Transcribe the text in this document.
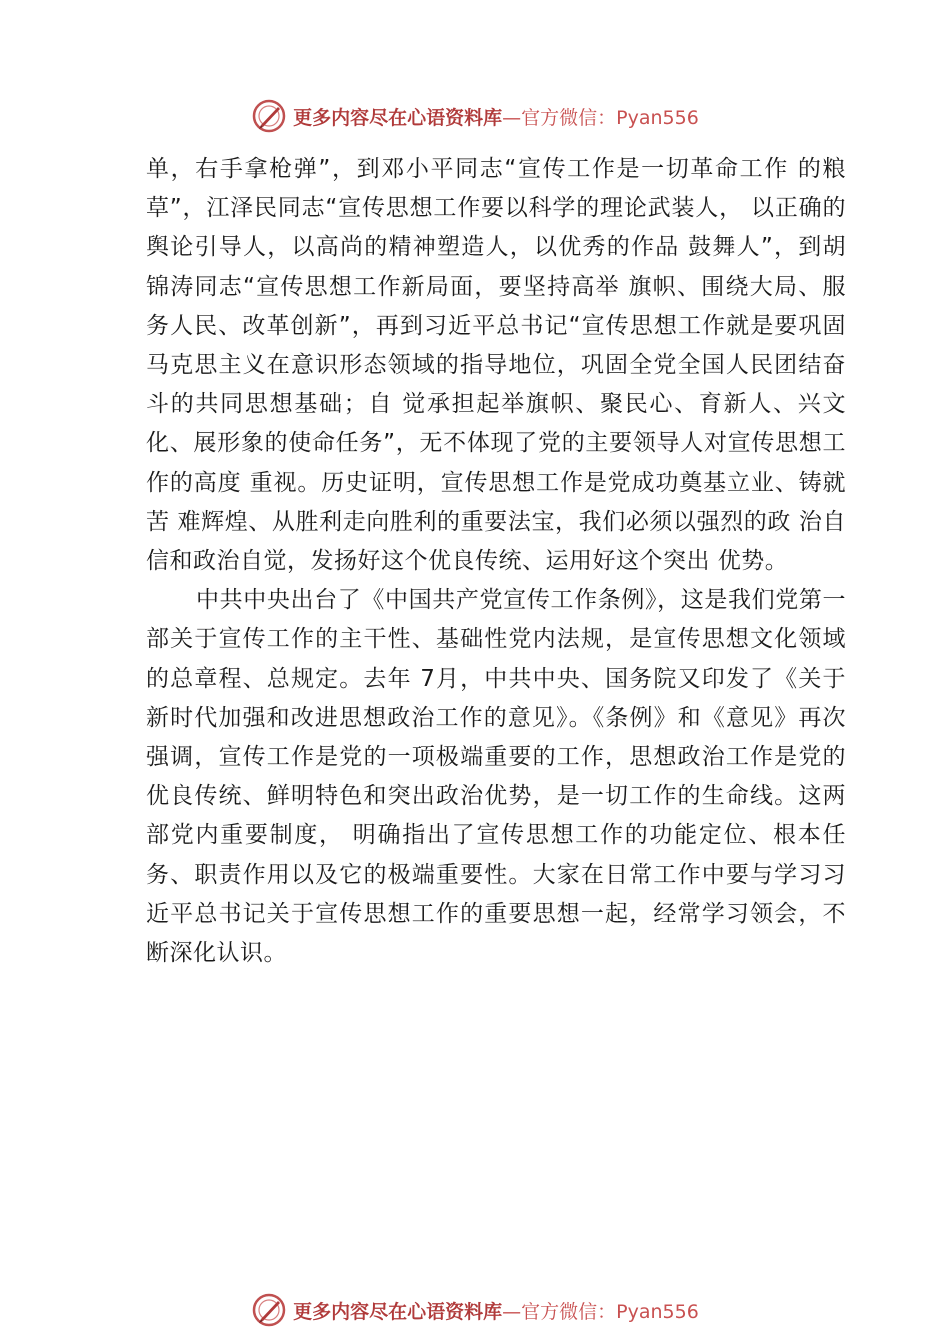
更多内容尽在心语资料库 —官方微信：Pyan556

单，右手拿枪弹”，到邓小平同志“宣传工作是一切革命工作 的粮草”，江泽民同志“宣传思想工作要以科学的理论武装人， 以正确的舆论引导人，以高尚的精神塑造人，以优秀的作品 鼓舞人”，到胡锦涛同志“宣传思想工作新局面，要坚持高举 旗帜、围绕大局、服务人民、改革创新”，再到习近平总书记“宣传思想工作就是要巩固马克思主义在意识形态领域的指导地位，巩固全党全国人民团结奋斗的共同思想基础；自 觉承担起举旗帜、聚民心、育新人、兴文化、展形象的使命任务”，无不体现了党的主要领导人对宣传思想工作的高度 重视。历史证明，宣传思想工作是党成功奠基立业、铸就苦 难辉煌、从胜利走向胜利的重要法宝，我们必须以强烈的政 治自信和政治自觉，发扬好这个优良传统、运用好这个突出 优势。

中共中央出台了《中国共产党宣传工作条例》，这是我们党第一部关于宣传工作的主干性、基础性党内法规，是宣传思想文化领域的总章程、总规定。去年 7月，中共中央、国务院又印发了《关于新时代加强和改进思想政治工作的意见》。《条例》和《意见》再次强调，宣传工作是党的一项极端重要的工作，思想政治工作是党的优良传统、鲜明特色和突出政治优势，是一切工作的生命线。这两部党内重要制度， 明确指出了宣传思想工作的功能定位、根本任务、职责作用以及它的极端重要性。大家在日常工作中要与学习习近平总书记关于宣传思想工作的重要思想一起，经常学习领会，不断深化认识。

更多内容尽在心语资料库 —官方微信：Pyan556
